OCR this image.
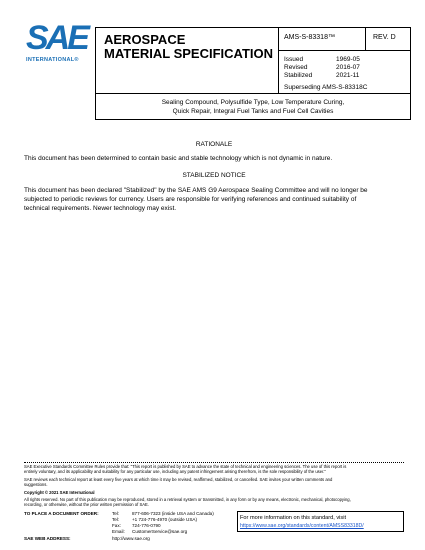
SAE
INTERNATIONAL®
AEROSPACE
MATERIAL SPECIFICATION
AMS-S-83318™	REV. D
Issued	1969-05
Revised	2016-07
Stabilized	2021-11
Superseding AMS-S-83318C
Sealing Compound, Polysulfide Type, Low Temperature Curing,
Quick Repair, Integral Fuel Tanks and Fuel Cell Cavities
RATIONALE
This document has been determined to contain basic and stable technology which is not dynamic in nature.
STABILIZED NOTICE
This document has been declared "Stabilized" by the SAE AMS G9 Aerospace Sealing Committee and will no longer be
subjected to periodic reviews for currency. Users are responsible for verifying references and continued suitability of
technical requirements. Newer technology may exist.
SAE Executive Standards Committee Rules provide that: "This report is published by SAE to advance the state of technical and engineering sciences. The use of this report is
entirely voluntary, and its applicability and suitability for any particular use, including any patent infringement arising therefrom, is the sole responsibility of the user."
SAE reviews each technical report at least every five years at which time it may be revised, reaffirmed, stabilized, or cancelled. SAE invites your written comments and
suggestions.
Copyright © 2021 SAE International
All rights reserved. No part of this publication may be reproduced, stored in a retrieval system or transmitted, in any form or by any means, electronic, mechanical, photocopying,
recording, or otherwise, without the prior written permission of SAE.
TO PLACE A DOCUMENT ORDER:	Tel:	877-606-7323 (inside USA and Canada)
Tel:	+1 724-776-4970 (outside USA)
Fax: 724-776-0790
Email: CustomerService@sae.org
SAE WEB ADDRESS:	http://www.sae.org
For more information on this standard, visit
https://www.sae.org/standards/content/AMSS83318D/
